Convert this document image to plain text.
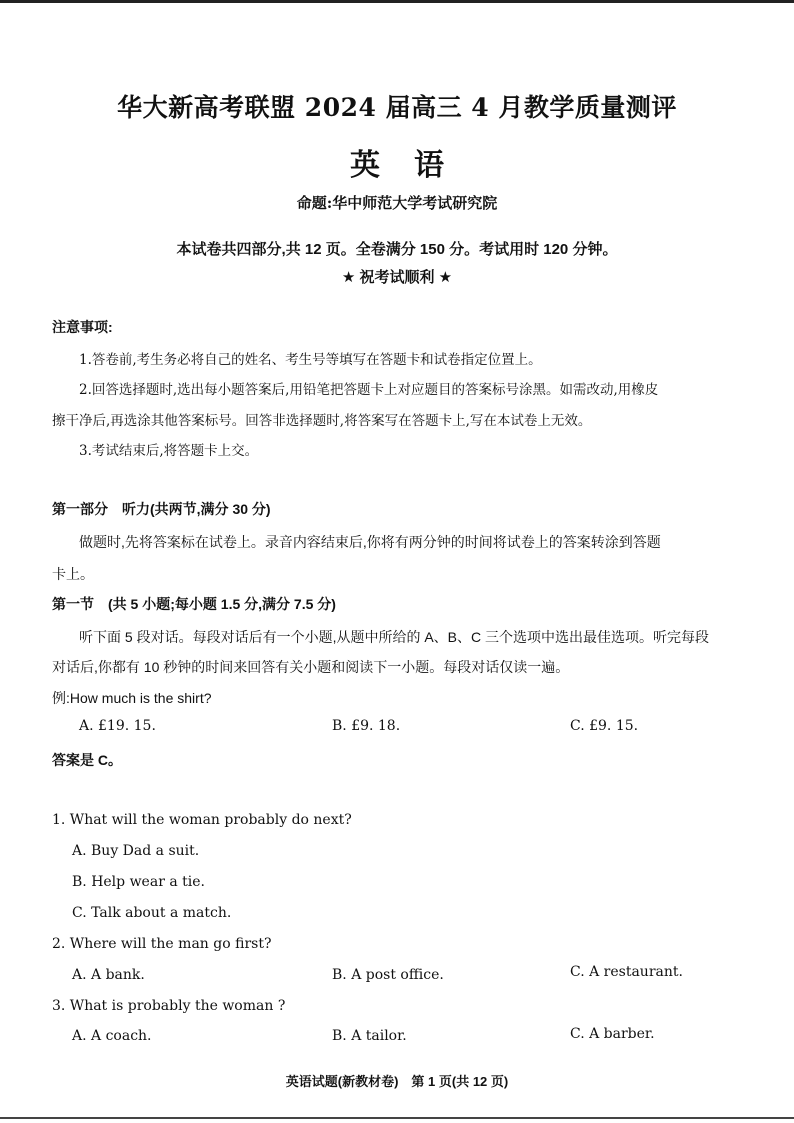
华大新高考联盟 2024 届高三 4 月教学质量测评
英语
命题:华中师范大学考试研究院
本试卷共四部分,共 12 页。全卷满分 150 分。考试用时 120 分钟。
★ 祝考试顺利 ★
注意事项:
1.答卷前,考生务必将自己的姓名、考生号等填写在答题卡和试卷指定位置上。
2.回答选择题时,选出每小题答案后,用铅笔把答题卡上对应题目的答案标号涂黑。如需改动,用橡皮
擦干净后,再选涂其他答案标号。回答非选择题时,将答案写在答题卡上,写在本试卷上无效。
3.考试结束后,将答题卡上交。
第一部分　听力(共两节,满分 30 分)
做题时,先将答案标在试卷上。录音内容结束后,你将有两分钟的时间将试卷上的答案转涂到答题
卡上。
第一节　(共 5 小题;每小题 1.5 分,满分 7.5 分)
听下面 5 段对话。每段对话后有一个小题,从题中所给的 A、B、C 三个选项中选出最佳选项。听完每段
对话后,你都有 10 秒钟的时间来回答有关小题和阅读下一小题。每段对话仅读一遍。
例:How much is the shirt?
A. £19. 15.	B. £9. 18.	C. £9. 15.
答案是 C。
1. What will the woman probably do next?
A. Buy Dad a suit.
B. Help wear a tie.
C. Talk about a match.
2. Where will the man go first?
A. A bank.	B. A post office.	C. A restaurant.
3. What is probably the woman ?
A. A coach.	B. A tailor.	C. A barber.
英语试题(新教材卷)　第 1 页(共 12 页)
